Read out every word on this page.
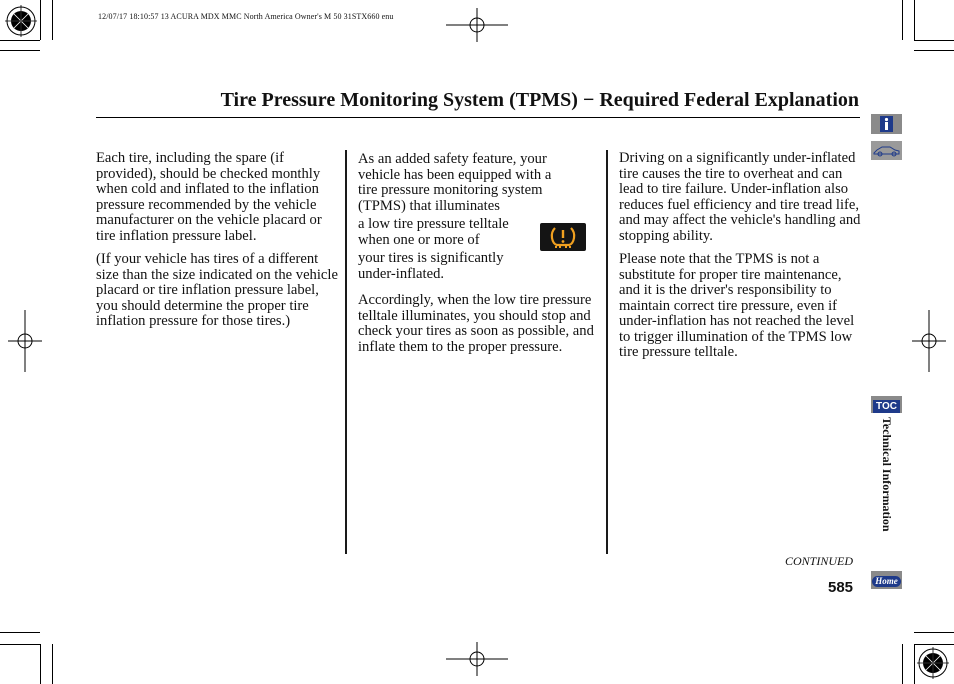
12/07/17 18:10:57 13 ACURA MDX MMC North America Owner's M 50 31STX660 enu
Tire Pressure Monitoring System (TPMS) − Required Federal Explanation

Each tire, including the spare (if provided), should be checked monthly when cold and inflated to the inflation pressure recommended by the vehicle manufacturer on the vehicle placard or tire inflation pressure label.

(If your vehicle has tires of a different size than the size indicated on the vehicle placard or tire inflation pressure label, you should determine the proper tire inflation pressure for those tires.)

As an added safety feature, your vehicle has been equipped with a tire pressure monitoring system (TPMS) that illuminates

a low tire pressure telltale when one or more of

your tires is significantly under-inflated.

Accordingly, when the low tire pressure telltale illuminates, you should stop and check your tires as soon as possible, and inflate them to the proper pressure.

Driving on a significantly under-inflated tire causes the tire to overheat and can lead to tire failure. Under-inflation also reduces fuel efficiency and tire tread life, and may affect the vehicle's handling and stopping ability.

Please note that the TPMS is not a substitute for proper tire maintenance, and it is the driver's responsibility to maintain correct tire pressure, even if under-inflation has not reached the level to trigger illumination of the TPMS low tire pressure telltale.

TOC
Technical Information
CONTINUED
585	Home
